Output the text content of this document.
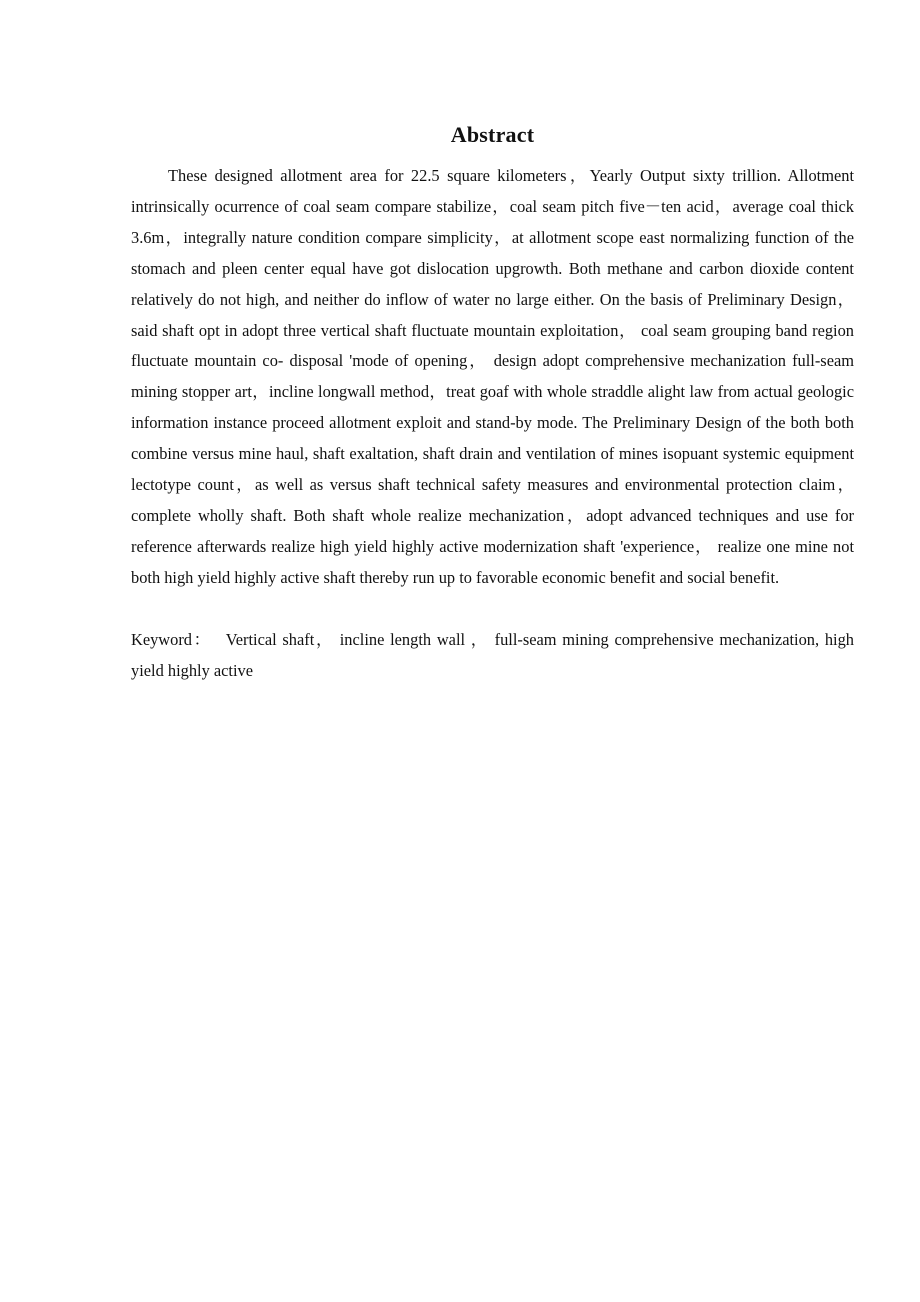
Abstract

These designed allotment area for 22.5 square kilometers，Yearly Output sixty trillion. Allotment intrinsically ocurrence of coal seam compare stabilize，coal seam pitch five－ten acid，average coal thick 3.6m，integrally nature condition compare simplicity，at allotment scope east normalizing function of the stomach and pleen center equal have got dislocation upgrowth. Both methane and carbon dioxide content relatively do not high, and neither do inflow of water no large either. On the basis of Preliminary Design，said shaft opt in adopt three vertical shaft fluctuate mountain exploitation， coal seam grouping band region fluctuate mountain co- disposal 'mode of opening， design adopt comprehensive mechanization full-seam mining stopper art，incline longwall method，treat goaf with whole straddle alight law from actual geologic information instance proceed allotment exploit and stand-by mode. The Preliminary Design of the both both combine versus mine haul, shaft exaltation, shaft drain and ventilation of mines isopuant systemic equipment lectotype count，as well as versus shaft technical safety measures and environmental protection claim，complete wholly shaft. Both shaft whole realize mechanization，adopt advanced techniques and use for reference afterwards realize high yield highly active modernization shaft 'experience， realize one mine not both high yield highly active shaft thereby run up to favorable economic benefit and social benefit.

Keyword： Vertical shaft， incline length wall ， full-seam mining comprehensive mechanization, high yield highly active
